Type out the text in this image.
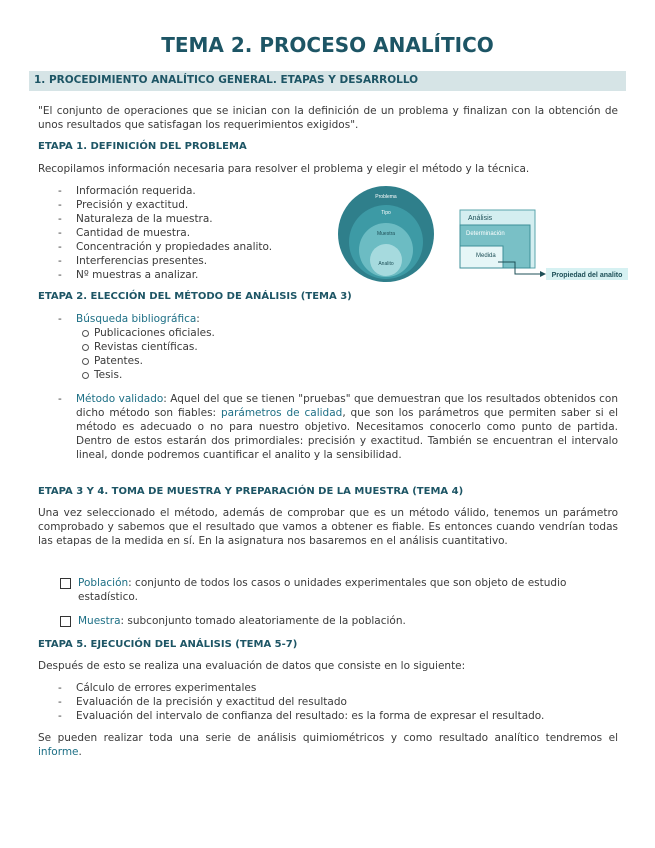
TEMA 2. PROCESO ANALÍTICO
1. PROCEDIMIENTO ANALÍTICO GENERAL. ETAPAS Y DESARROLLO
"El conjunto de operaciones que se inician con la definición de un problema y finalizan con la obtención de unos resultados que satisfagan los requerimientos exigidos".
ETAPA 1. DEFINICIÓN DEL PROBLEMA
Recopilamos información necesaria para resolver el problema y elegir el método y la técnica.
- Información requerida.
- Precisión y exactitud.
- Naturaleza de la muestra.
- Cantidad de muestra.
- Concentración y propiedades analito.
- Interferencias presentes.
- Nº muestras a analizar.
Problema
Tipo
Muestra
Analito
Análisis
Determinación
Medida
Propiedad del analito
ETAPA 2. ELECCIÓN DEL MÉTODO DE ANÁLISIS (TEMA 3)
- Búsqueda bibliográfica:
Publicaciones oficiales.
Revistas científicas.
Patentes.
Tesis.
- Método validado: Aquel del que se tienen "pruebas" que demuestran que los resultados obtenidos con dicho método son fiables: parámetros de calidad, que son los parámetros que permiten saber si el método es adecuado o no para nuestro objetivo. Necesitamos conocerlo como punto de partida. Dentro de estos estarán dos primordiales: precisión y exactitud. También se encuentran el intervalo lineal, donde podremos cuantificar el analito y la sensibilidad.
ETAPA 3 Y 4. TOMA DE MUESTRA Y PREPARACIÓN DE LA MUESTRA (TEMA 4)
Una vez seleccionado el método, además de comprobar que es un método válido, tenemos un parámetro comprobado y sabemos que el resultado que vamos a obtener es fiable. Es entonces cuando vendrían todas las etapas de la medida en sí. En la asignatura nos basaremos en el análisis cuantitativo.
Población: conjunto de todos los casos o unidades experimentales que son objeto de estudio estadístico.
Muestra: subconjunto tomado aleatoriamente de la población.
ETAPA 5. EJECUCIÓN DEL ANÁLISIS (TEMA 5-7)
Después de esto se realiza una evaluación de datos que consiste en lo siguiente:
- Cálculo de errores experimentales
- Evaluación de la precisión y exactitud del resultado
- Evaluación del intervalo de confianza del resultado: es la forma de expresar el resultado.
Se pueden realizar toda una serie de análisis quimiométricos y como resultado analítico tendremos el informe.
